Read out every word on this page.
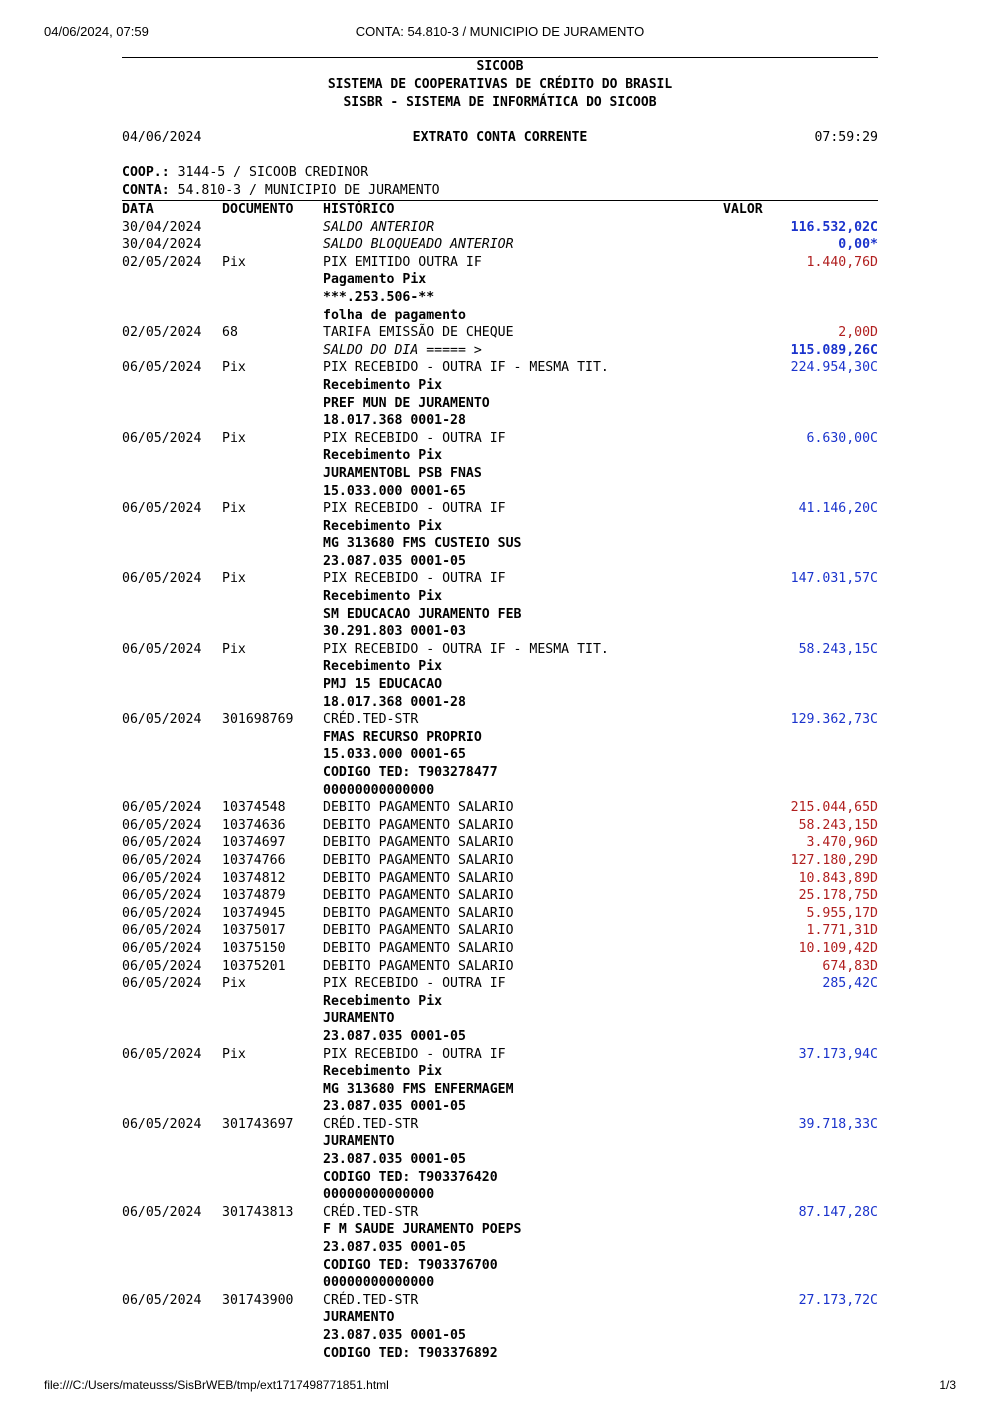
04/06/2024, 07:59	CONTA: 54.810-3 / MUNICIPIO DE JURAMENTO
SICOOB
SISTEMA DE COOPERATIVAS DE CRÉDITO DO BRASIL
SISBR - SISTEMA DE INFORMÁTICA DO SICOOB
04/06/2024	EXTRATO CONTA CORRENTE	07:59:29
COOP.: 3144-5 / SICOOB CREDINOR
CONTA: 54.810-3 / MUNICIPIO DE JURAMENTO
DATA	DOCUMENTO	HISTÓRICO	VALOR
30/04/2024		SALDO ANTERIOR	116.532,02C
30/04/2024		SALDO BLOQUEADO ANTERIOR	0,00*
02/05/2024	Pix	PIX EMITIDO OUTRA IF	1.440,76D
		Pagamento Pix	
		***.253.506-**	
		folha de pagamento	
02/05/2024	68	TARIFA EMISSÃO DE CHEQUE	2,00D
		SALDO DO DIA ===== >	115.089,26C
06/05/2024	Pix	PIX RECEBIDO - OUTRA IF - MESMA TIT.	224.954,30C
		Recebimento Pix	
		PREF MUN DE JURAMENTO	
		18.017.368 0001-28	
06/05/2024	Pix	PIX RECEBIDO - OUTRA IF	6.630,00C
		Recebimento Pix	
		JURAMENTOBL PSB FNAS	
		15.033.000 0001-65	
06/05/2024	Pix	PIX RECEBIDO - OUTRA IF	41.146,20C
		Recebimento Pix	
		MG 313680 FMS CUSTEIO SUS	
		23.087.035 0001-05	
06/05/2024	Pix	PIX RECEBIDO - OUTRA IF	147.031,57C
		Recebimento Pix	
		SM EDUCACAO JURAMENTO FEB	
		30.291.803 0001-03	
06/05/2024	Pix	PIX RECEBIDO - OUTRA IF - MESMA TIT.	58.243,15C
		Recebimento Pix	
		PMJ 15 EDUCACAO	
		18.017.368 0001-28	
06/05/2024	301698769	CRÉD.TED-STR	129.362,73C
		FMAS RECURSO PROPRIO	
		15.033.000 0001-65	
		CODIGO TED: T903278477	
		00000000000000	
06/05/2024	10374548	DEBITO PAGAMENTO SALARIO	215.044,65D
06/05/2024	10374636	DEBITO PAGAMENTO SALARIO	58.243,15D
06/05/2024	10374697	DEBITO PAGAMENTO SALARIO	3.470,96D
06/05/2024	10374766	DEBITO PAGAMENTO SALARIO	127.180,29D
06/05/2024	10374812	DEBITO PAGAMENTO SALARIO	10.843,89D
06/05/2024	10374879	DEBITO PAGAMENTO SALARIO	25.178,75D
06/05/2024	10374945	DEBITO PAGAMENTO SALARIO	5.955,17D
06/05/2024	10375017	DEBITO PAGAMENTO SALARIO	1.771,31D
06/05/2024	10375150	DEBITO PAGAMENTO SALARIO	10.109,42D
06/05/2024	10375201	DEBITO PAGAMENTO SALARIO	674,83D
06/05/2024	Pix	PIX RECEBIDO - OUTRA IF	285,42C
		Recebimento Pix	
		JURAMENTO	
		23.087.035 0001-05	
06/05/2024	Pix	PIX RECEBIDO - OUTRA IF	37.173,94C
		Recebimento Pix	
		MG 313680 FMS ENFERMAGEM	
		23.087.035 0001-05	
06/05/2024	301743697	CRÉD.TED-STR	39.718,33C
		JURAMENTO	
		23.087.035 0001-05	
		CODIGO TED: T903376420	
		00000000000000	
06/05/2024	301743813	CRÉD.TED-STR	87.147,28C
		F M SAUDE JURAMENTO POEPS	
		23.087.035 0001-05	
		CODIGO TED: T903376700	
		00000000000000	
06/05/2024	301743900	CRÉD.TED-STR	27.173,72C
		JURAMENTO	
		23.087.035 0001-05	
		CODIGO TED: T903376892	
file:///C:/Users/mateusss/SisBrWEB/tmp/ext1717498771851.html	1/3
